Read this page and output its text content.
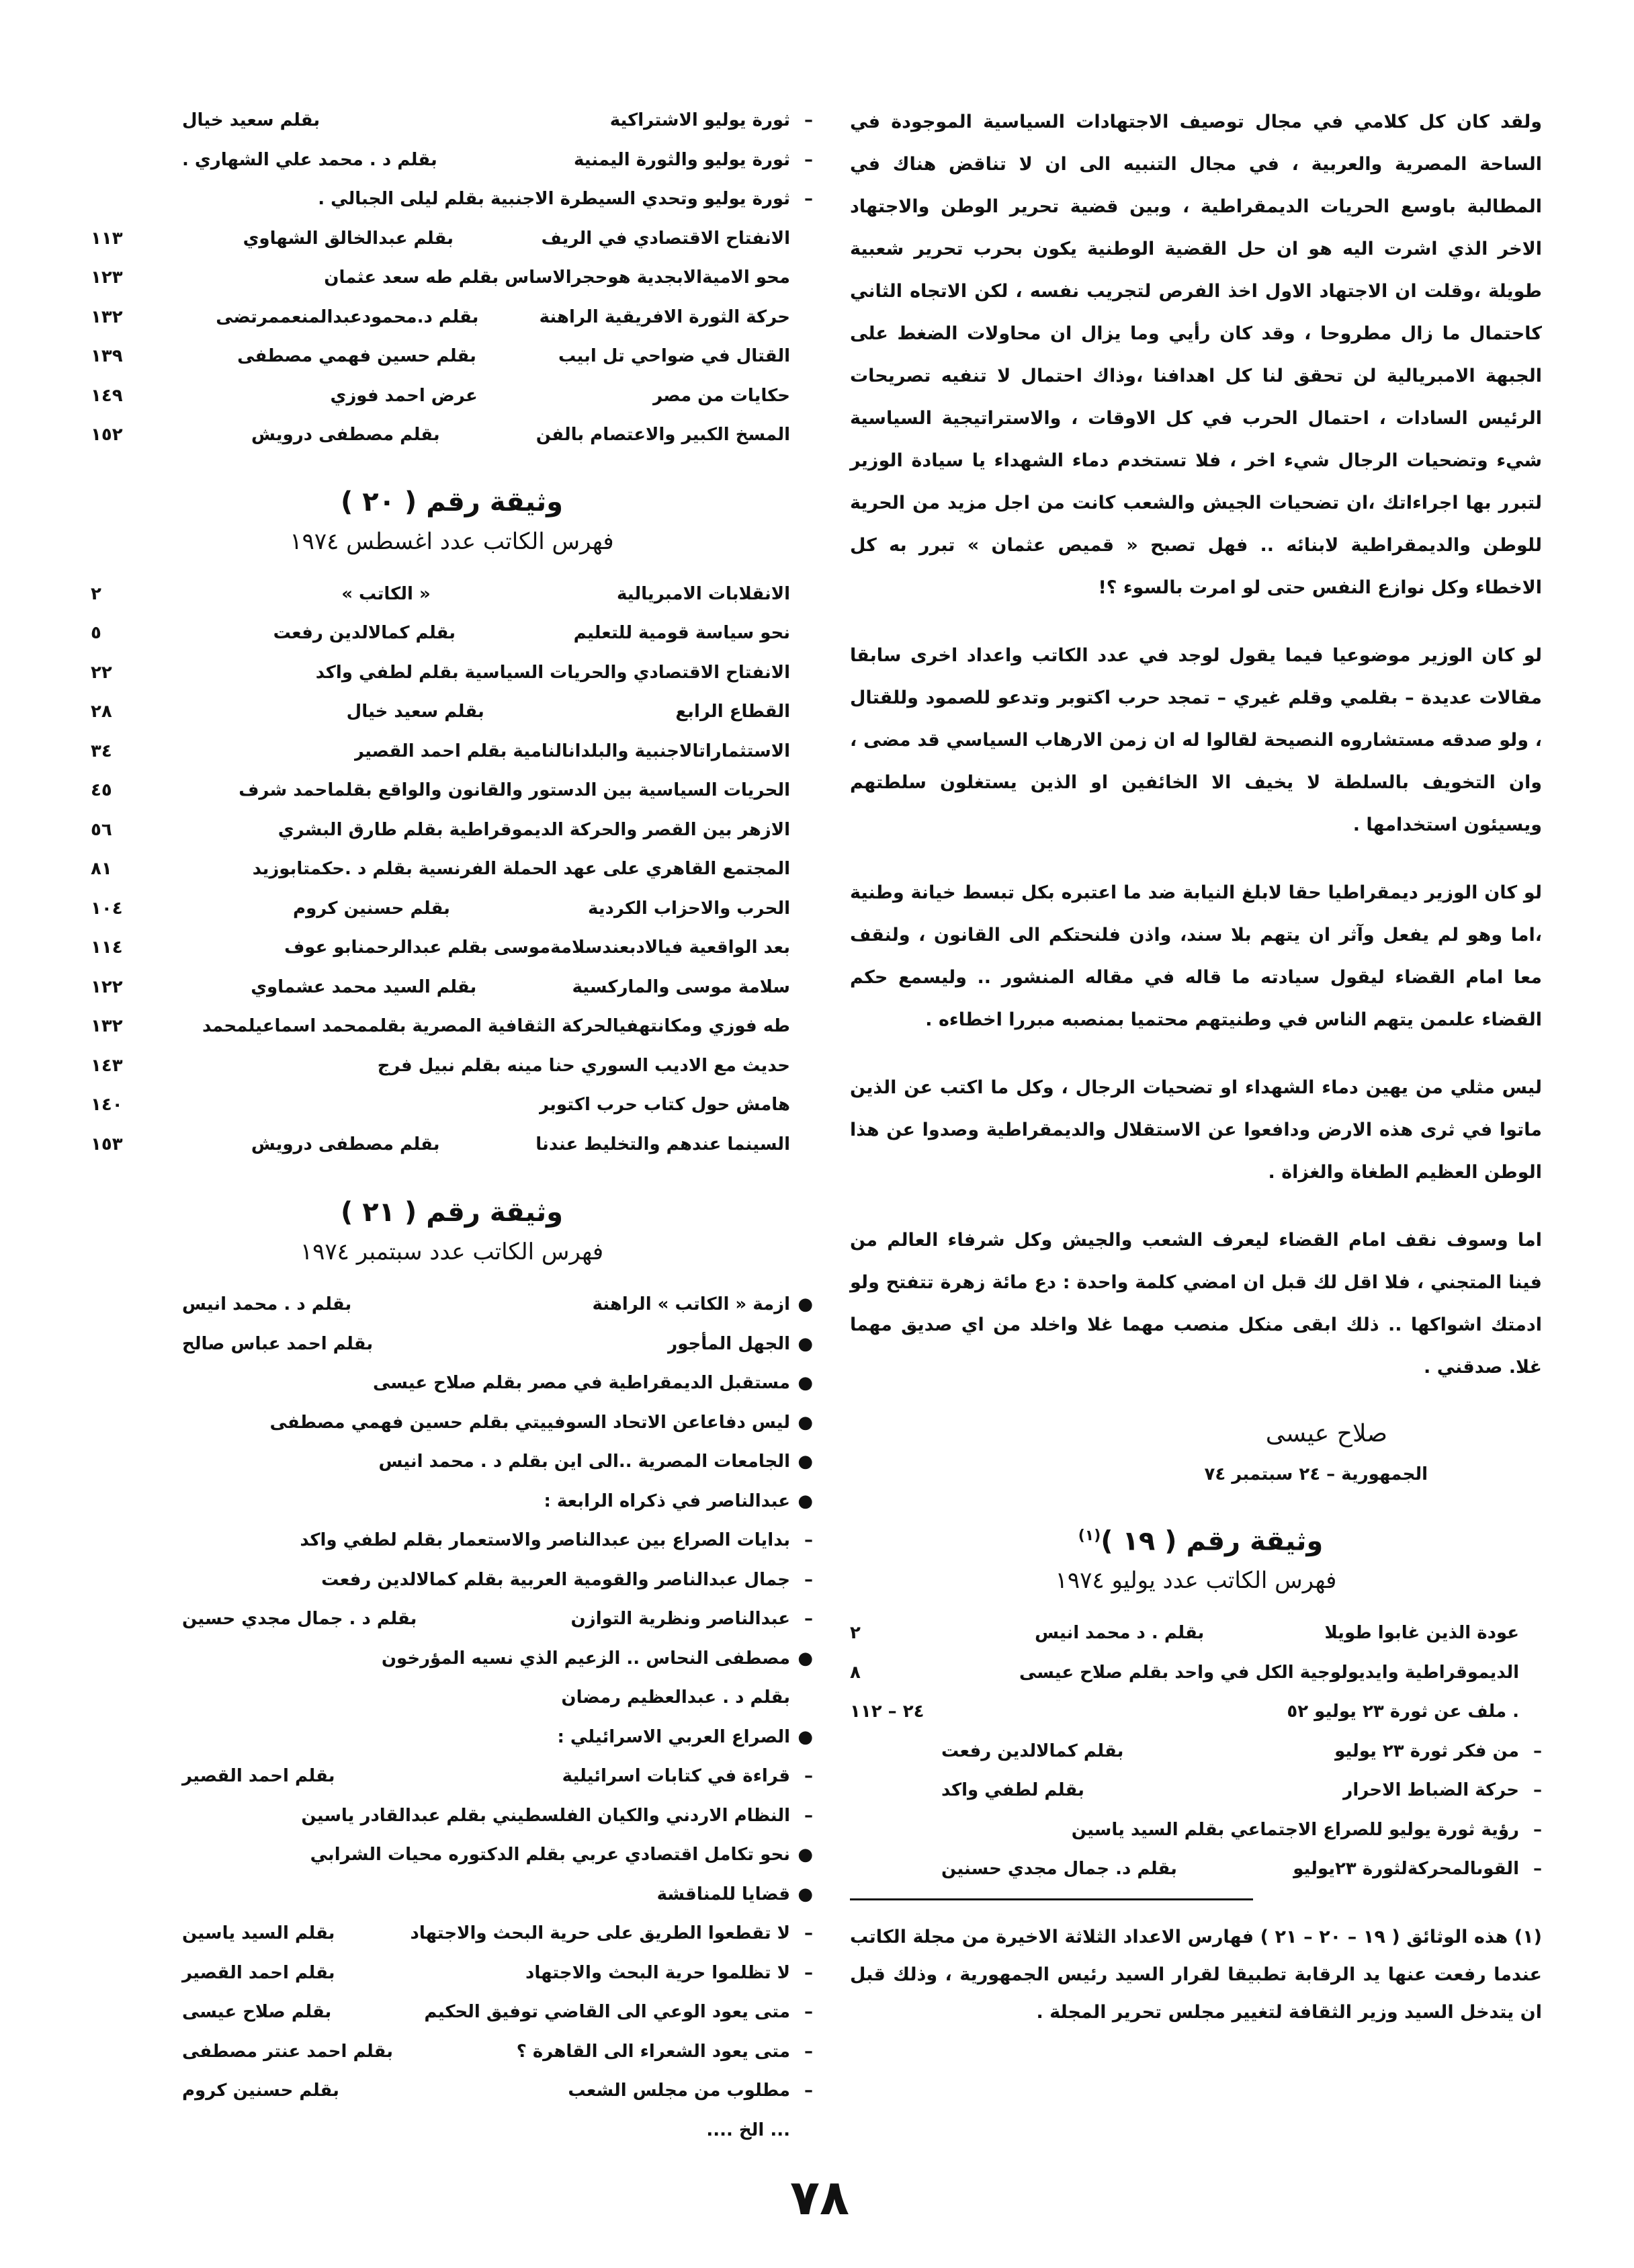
ولقد كان كل كلامي في مجال توصيف الاجتهادات السياسية الموجودة في الساحة المصرية والعربية ، في مجال التنبيه الى ان لا تناقض هناك في المطالبة باوسع الحريات الديمقراطية ، وبين قضية تحرير الوطن والاجتهاد الاخر الذي اشرت اليه هو ان حل القضية الوطنية يكون بحرب تحرير شعبية طويلة ،وقلت ان الاجتهاد الاول اخذ الفرص لتجريب نفسه ، لكن الاتجاه الثاني كاحتمال ما زال مطروحا ، وقد كان رأيي وما يزال ان محاولات الضغط على الجبهة الامبريالية لن تحقق لنا كل اهدافنا ،وذاك احتمال لا تنفيه تصريحات الرئيس السادات ، احتمال الحرب في كل الاوقات ، والاستراتيجية السياسية شيء وتضحيات الرجال شيء اخر ، فلا تستخدم دماء الشهداء يا سيادة الوزير لتبرر بها اجراءاتك ،ان تضحيات الجيش والشعب كانت من اجل مزيد من الحرية للوطن والديمقراطية لابنائه .. فهل تصبح « قميص عثمان » تبرر به كل الاخطاء وكل نوازع النفس حتى لو امرت بالسوء ؟!

لو كان الوزير موضوعيا فيما يقول لوجد في عدد الكاتب واعداد اخرى سابقا مقالات عديدة – بقلمي وقلم غيري – تمجد حرب اكتوبر وتدعو للصمود وللقتال ، ولو صدقه مستشاروه النصيحة لقالوا له ان زمن الارهاب السياسي قد مضى ، وان التخويف بالسلطة لا يخيف الا الخائفين او الذين يستغلون سلطتهم ويسيئون استخدامها .

لو كان الوزير ديمقراطيا حقا لابلغ النيابة ضد ما اعتبره بكل تبسط خيانة وطنية ،اما وهو لم يفعل وآثر ان يتهم بلا سند، واذن فلنحتكم الى القانون ، ولنقف معا امام القضاء ليقول سيادته ما قاله في مقاله المنشور .. وليسمع حكم القضاء علىمن يتهم الناس في وطنيتهم محتميا بمنصبه مبررا اخطاءه .

ليس مثلي من يهين دماء الشهداء او تضحيات الرجال ، وكل ما اكتب عن الذين ماتوا في ثرى هذه الارض ودافعوا عن الاستقلال والديمقراطية وصدوا عن هذا الوطن العظيم الطغاة والغزاة .

اما وسوف نقف امام القضاء ليعرف الشعب والجيش وكل شرفاء العالم من فينا المتجني ، فلا اقل لك قبل ان امضي كلمة واحدة : دع مائة زهرة تتفتح ولو ادمتك اشواكها .. ذلك ابقى منكل منصب مهما غلا واخلد من اي صديق مهما غلا. صدقني .

صلاح عيسى
الجمهورية – ٢٤ سبتمبر ٧٤
وثيقة رقم ( ١٩ )$^{(١)}$
فهرس الكاتب عدد يوليو ١٩٧٤
عودة الذين غابوا طويلا
بقلم . د محمد انيس
٢
الديموقراطية وايديولوجية الكل في واحد بقلم صلاح عيسى
٨
. ملف عن ثورة ٢٣ يوليو ٥٢
٢٤ – ١١٢
–
من فكر ثورة ٢٣ يوليو
بقلم كمالالدين رفعت
–
حركة الضباط الاحرار
بقلم لطفي واكد
–
رؤية ثورة يوليو للصراع الاجتماعي بقلم السيد ياسين
–
القوىالمحركةلثورة ٢٣يوليو
بقلم د. جمال مجدي حسنين

(١) هذه الوثائق ( ١٩ – ٢٠ – ٢١ ) فهارس الاعداد الثلاثة الاخيرة من مجلة الكاتب عندما رفعت عنها يد الرقابة تطبيقا لقرار السيد رئيس الجمهورية ، وذلك قبل ان يتدخل السيد وزير الثقافة لتغيير مجلس تحرير المجلة .

–
ثورة يوليو الاشتراكية
بقلم سعيد خيال
–
ثورة يوليو والثورة اليمنية
بقلم د . محمد علي الشهاري .
–
ثورة يوليو وتحدي السيطرة الاجنبية بقلم ليلى الجبالي .
الانفتاح الاقتصادي في الريف
بقلم عبدالخالق الشهاوي
١١٣
محو الاميةالابجدية هوحجرالاساس بقلم طه سعد عثمان
١٢٣
حركة الثورة الافريقية الراهنة
بقلم د.محمودعبدالمنعممرتضى
١٣٢
القتال في ضواحي تل ابيب
بقلم حسين فهمي مصطفى
١٣٩
حكايات من مصر
عرض احمد فوزي
١٤٩
المسخ الكبير والاعتصام بالفن
بقلم مصطفى درويش
١٥٢
وثيقة رقم ( ٢٠ )
فهرس الكاتب عدد اغسطس ١٩٧٤
الانقلابات الامبريالية
« الكاتب »
٢
نحو سياسة قومية للتعليم
بقلم كمالالدين رفعت
٥
الانفتاح الاقتصادي والحريات السياسية بقلم لطفي واكد
٢٢
القطاع الرابع
بقلم سعيد خيال
٢٨
الاستثماراتالاجنبية والبلدانالنامية بقلم احمد القصير
٣٤
الحريات السياسية بين الدستور والقانون والواقع بقلماحمد شرف
٤٥
الازهر بين القصر والحركة الديموقراطية بقلم طارق البشري
٥٦
المجتمع القاهري على عهد الحملة الفرنسية بقلم د .حكمتابوزيد
٨١
الحرب والاحزاب الكردية
بقلم حسنين كروم
١٠٤
بعد الواقعية فيالادبعندسلامةموسى بقلم عبدالرحمنابو عوف
١١٤
سلامة موسى والماركسية
بقلم السيد محمد عشماوي
١٢٢
طه فوزي ومكانتهفيالحركة الثقافية المصرية بقلممحمد اسماعيلمحمد
١٣٢
حديث مع الاديب السوري حنا مينه بقلم نبيل فرج
١٤٣
هامش حول كتاب حرب اكتوبر
١٤٠
السينما عندهم والتخليط عندنا
بقلم مصطفى درويش
١٥٣
وثيقة رقم ( ٢١ )
فهرس الكاتب عدد سبتمبر ١٩٧٤
●
ازمة « الكاتب » الراهنة
بقلم د . محمد انيس
●
الجهل المأجور
بقلم احمد عباس صالح
●
مستقبل الديمقراطية في مصر بقلم صلاح عيسى
●
ليس دفاعاعن الاتحاد السوفييتي بقلم حسين فهمي مصطفى
●
الجامعات المصرية ..الى اين بقلم د . محمد انيس
●
عبدالناصر في ذكراه الرابعة :
–
بدايات الصراع بين عبدالناصر والاستعمار بقلم لطفي واكد
–
جمال عبدالناصر والقومية العربية بقلم كمالالدين رفعت
–
عبدالناصر ونظرية التوازن
بقلم د . جمال مجدي حسين
●
مصطفى النحاس .. الزعيم الذي نسيه المؤرخون
بقلم د . عبدالعظيم رمضان
●
الصراع العربي الاسرائيلي :
–
قراءة في كتابات اسرائيلية
بقلم احمد القصير
–
النظام الاردني والكيان الفلسطيني بقلم عبدالقادر ياسين
●
نحو تكامل اقتصادي عربي بقلم الدكتوره محيات الشرابي
●
قضايا للمناقشة
–
لا تقطعوا الطريق على حرية البحث والاجتهاد
بقلم السيد ياسين
–
لا تظلموا حرية البحث والاجتهاد
بقلم احمد القصير
–
متى يعود الوعي الى القاضي توفيق الحكيم
بقلم صلاح عيسى
–
متى يعود الشعراء الى القاهرة ؟
بقلم احمد عنتر مصطفى
–
مطلوب من مجلس الشعب
بقلم حسنين كروم
... الخ ....
٧٨
